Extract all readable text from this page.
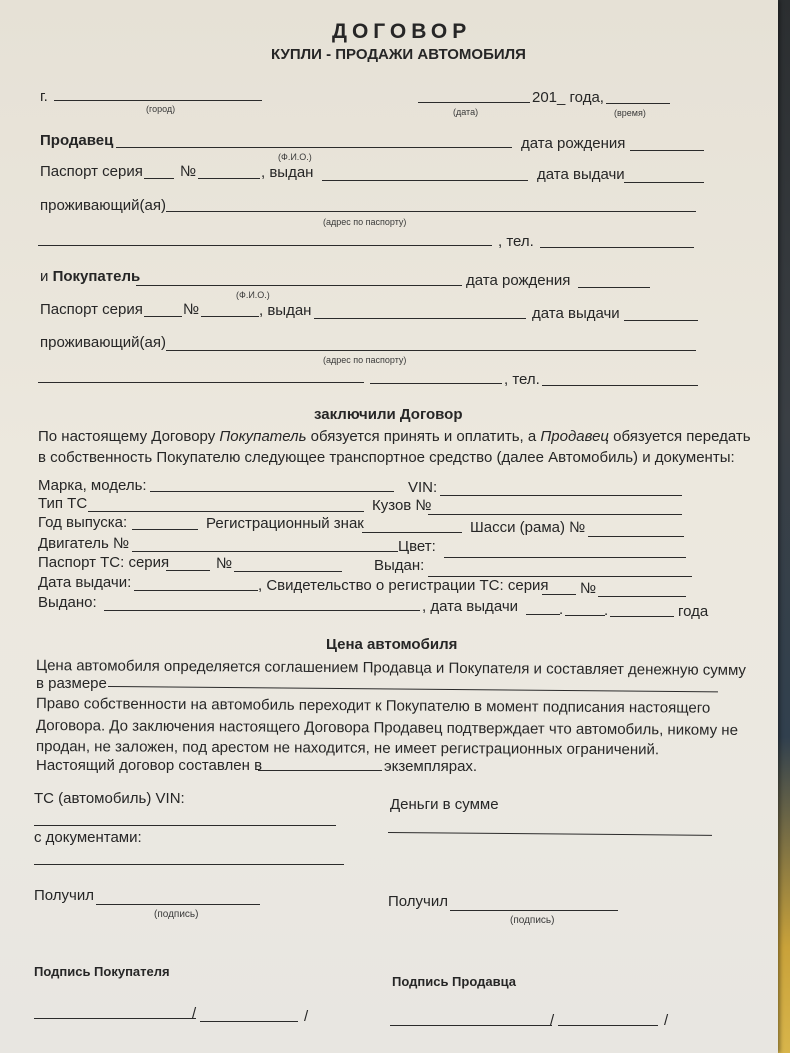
ДОГОВОР
КУПЛИ - ПРОДАЖИ АВТОМОБИЛЯ
г.
(город)
201_ года,
(дата)	(время)
Продавец
(Ф.И.О.)
дата рождения
Паспорт серия №	, выдан	дата выдачи
проживающий(ая)
(адрес по паспорту)
, тел.
и Покупатель
(Ф.И.О.)
дата рождения
Паспорт серия	№	, выдан	дата выдачи
проживающий(ая)
(адрес по паспорту)
, тел.
заключили Договор
По настоящему Договору Покупатель обязуется принять и оплатить, а Продавец обязуется передать
в собственность Покупателю следующее транспортное средство (далее Автомобиль) и документы:
Марка, модель:	VIN:
Тип ТС	Кузов №
Год выпуска:	Регистрационный знак	Шасси (рама) №
Двигатель №	Цвет:
Паспорт ТС: серия	№	Выдан:
Дата выдачи:	, Свидетельство о регистрации ТС: серия №
Выдано:	, дата выдачи	.	.	года
Цена автомобиля
Цена автомобиля определяется соглашением Продавца и Покупателя и составляет денежную сумму
в размере
Право собственности на автомобиль переходит к Покупателю в момент подписания настоящего
Договора. До заключения настоящего Договора Продавец подтверждает что автомобиль, никому не
продан, не заложен, под арестом не находится, не имеет регистрационных ограничений.
Настоящий договор составлен в	экземплярах.
ТС (автомобиль) VIN:
с документами:
Получил
(подпись)
Деньги в сумме
Получил
(подпись)
Подпись Покупателя
/	/
Подпись Продавца
/	/
